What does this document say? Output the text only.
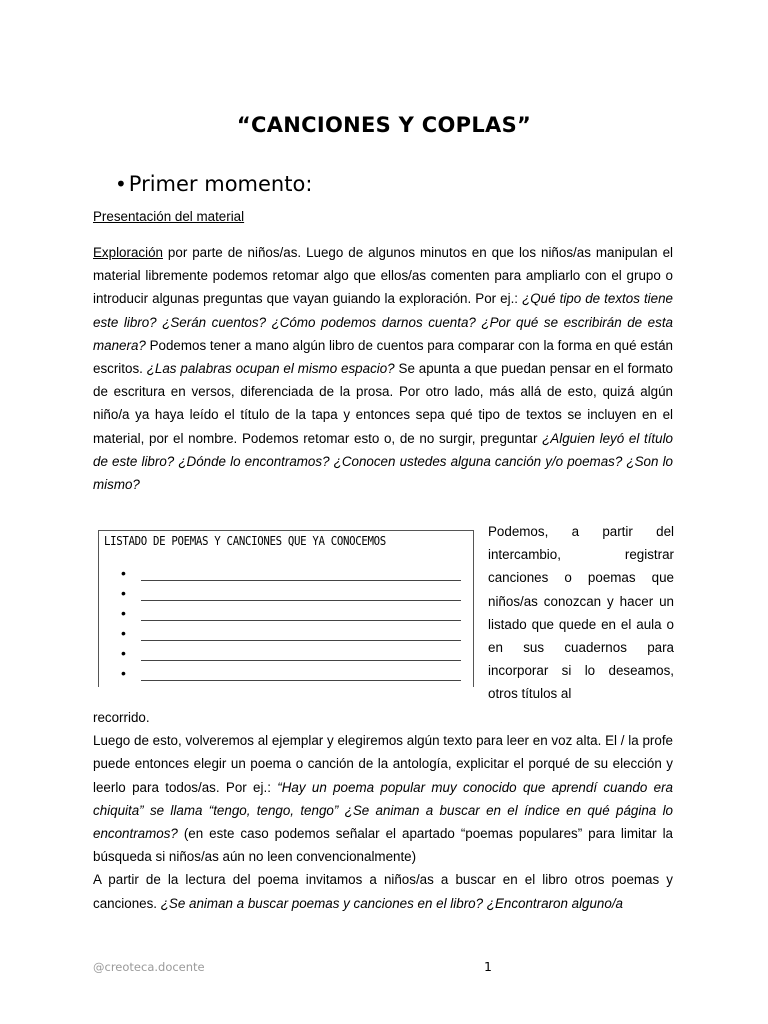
“CANCIONES Y COPLAS”
•Primer momento:
Presentación del material
Exploración por parte de niños/as. Luego de algunos minutos en que los niños/as manipulan el material libremente podemos retomar algo que ellos/as comenten para ampliarlo con el grupo o introducir algunas preguntas que vayan guiando la exploración. Por ej.: ¿Qué tipo de textos tiene este libro? ¿Serán cuentos? ¿Cómo podemos darnos cuenta? ¿Por qué se escribirán de esta manera? Podemos tener a mano algún libro de cuentos para comparar con la forma en qué están escritos. ¿Las palabras ocupan el mismo espacio? Se apunta a que puedan pensar en el formato de escritura en versos, diferenciada de la prosa. Por otro lado, más allá de esto, quizá algún niño/a ya haya leído el título de la tapa y entonces sepa qué tipo de textos se incluyen en el material, por el nombre. Podemos retomar esto o, de no surgir, preguntar ¿Alguien leyó el título de este libro? ¿Dónde lo encontramos? ¿Conocen ustedes alguna canción y/o poemas? ¿Son lo mismo?
LISTADO DE POEMAS Y CANCIONES QUE YA CONOCEMOS
•
•
•
•
•
•
Podemos, a partir del intercambio, registrar canciones o poemas que niños/as conozcan y hacer un listado que quede en el aula o en sus cuadernos para incorporar si lo deseamos, otros títulos al
recorrido.
Luego de esto, volveremos al ejemplar y elegiremos algún texto para leer en voz alta. El / la profe puede entonces elegir un poema o canción de la antología, explicitar el porqué de su elección y leerlo para todos/as. Por ej.: “Hay un poema popular muy conocido que aprendí cuando era chiquita” se llama “tengo, tengo, tengo” ¿Se animan a buscar en el índice en qué página lo encontramos? (en este caso podemos señalar el apartado “poemas populares” para limitar la búsqueda si niños/as aún no leen convencionalmente)
A partir de la lectura del poema invitamos a niños/as a buscar en el libro otros poemas y canciones. ¿Se animan a buscar poemas y canciones en el libro? ¿Encontraron alguno/a
@creoteca.docente	1
